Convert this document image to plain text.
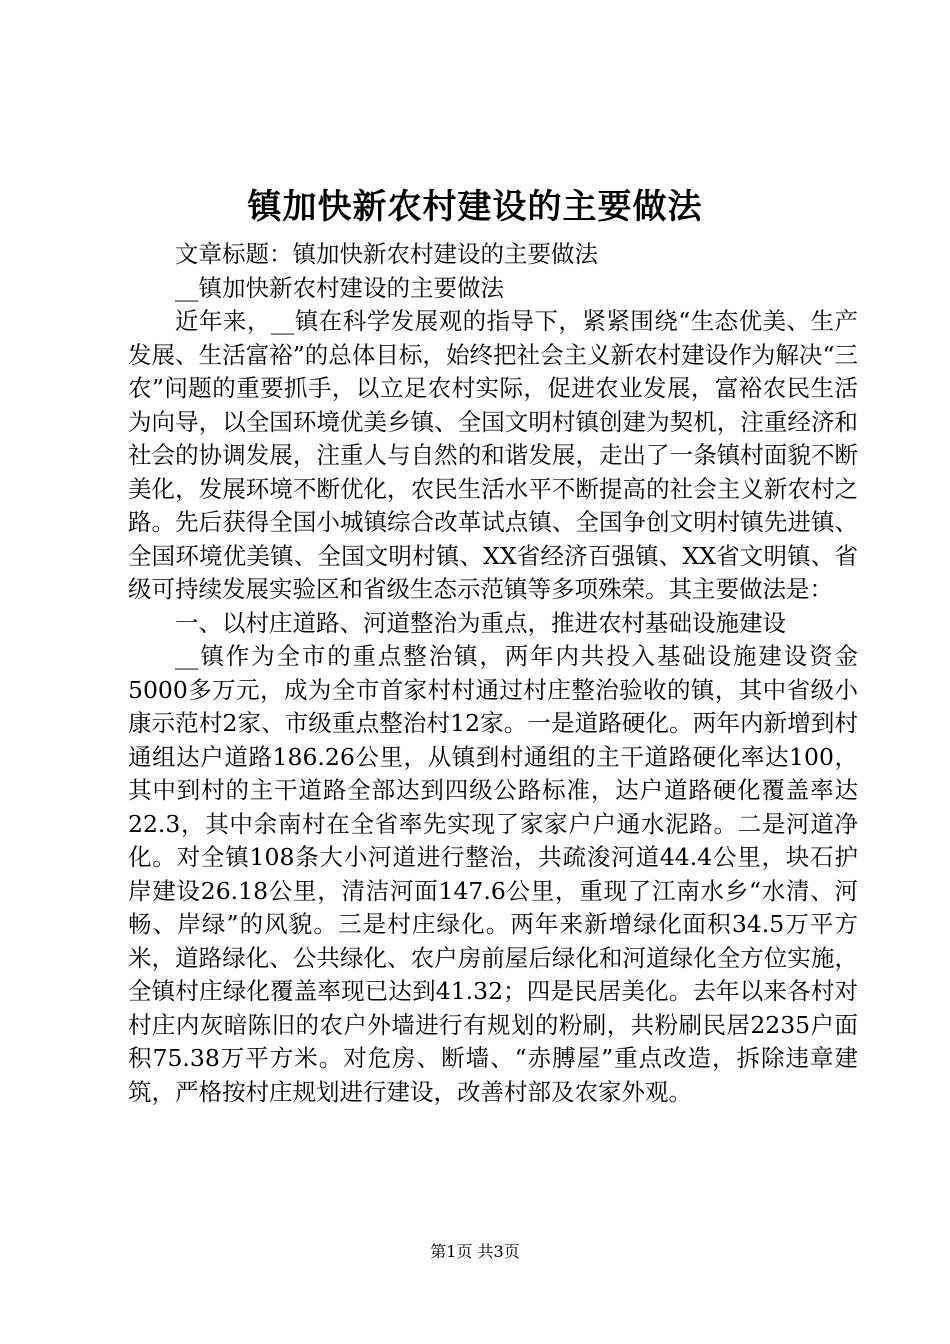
镇加快新农村建设的主要做法

文章标题：镇加快新农村建设的主要做法

__镇加快新农村建设的主要做法

近年来，__镇在科学发展观的指导下，紧紧围绕“生态优美、生产发展、生活富裕”的总体目标，始终把社会主义新农村建设作为解决“三农”问题的重要抓手，以立足农村实际，促进农业发展，富裕农民生活为向导，以全国环境优美乡镇、全国文明村镇创建为契机，注重经济和社会的协调发展，注重人与自然的和谐发展，走出了一条镇村面貌不断美化，发展环境不断优化，农民生活水平不断提高的社会主义新农村之路。先后获得全国小城镇综合改革试点镇、全国争创文明村镇先进镇、全国环境优美镇、全国文明村镇、XX省经济百强镇、XX省文明镇、省级可持续发展实验区和省级生态示范镇等多项殊荣。其主要做法是：

一、以村庄道路、河道整治为重点，推进农村基础设施建设

__镇作为全市的重点整治镇，两年内共投入基础设施建设资金5000多万元，成为全市首家村村通过村庄整治验收的镇，其中省级小康示范村2家、市级重点整治村12家。一是道路硬化。两年内新增到村通组达户道路186.26公里，从镇到村通组的主干道路硬化率达100，其中到村的主干道路全部达到四级公路标准，达户道路硬化覆盖率达22.3，其中余南村在全省率先实现了家家户户通水泥路。二是河道净化。对全镇108条大小河道进行整治，共疏浚河道44.4公里，块石护岸建设26.18公里，清洁河面147.6公里，重现了江南水乡“水清、河畅、岸绿”的风貌。三是村庄绿化。两年来新增绿化面积34.5万平方米，道路绿化、公共绿化、农户房前屋后绿化和河道绿化全方位实施，全镇村庄绿化覆盖率现已达到41.32；四是民居美化。去年以来各村对村庄内灰暗陈旧的农户外墙进行有规划的粉刷，共粉刷民居2235户面积75.38万平方米。对危房、断墙、“赤膊屋”重点改造，拆除违章建筑，严格按村庄规划进行建设，改善村部及农家外观。

第1页 共3页
